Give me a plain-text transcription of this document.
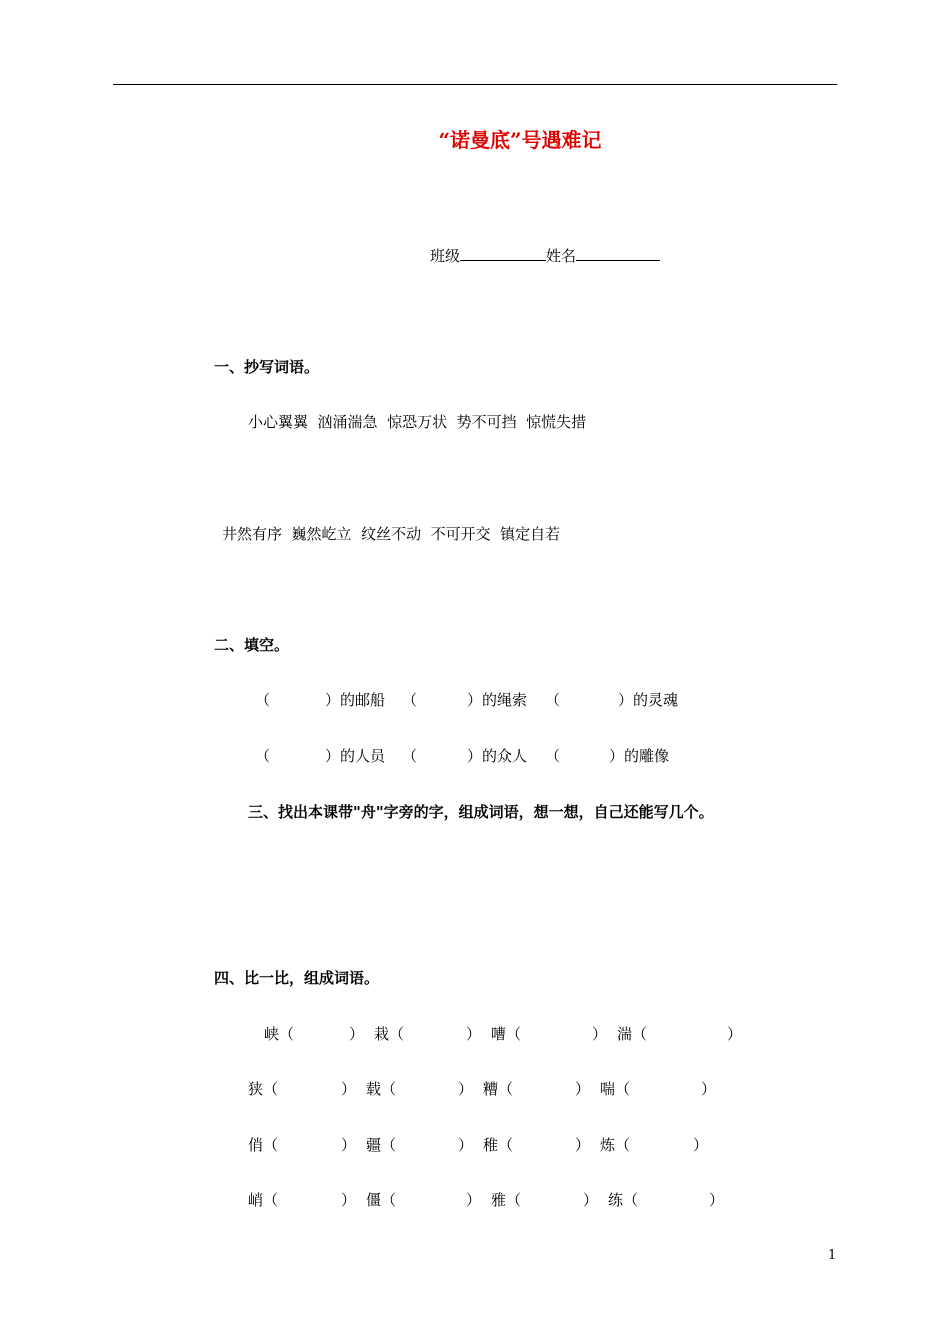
“诺曼底”号遇难记
班级	姓名
一、抄写词语。
小心翼翼  汹涌湍急  惊恐万状  势不可挡  惊慌失措
井然有序  巍然屹立  纹丝不动  不可开交  镇定自若
二、填空。
（	）的邮船 （	）的绳索 （	）的灵魂
（	）的人员 （	）的众人 （	）的雕像
三、找出本课带"舟"字旁的字，组成词语，想一想，自己还能写几个。
四、比一比，组成词语。
峡（	） 栽（	） 嘈（	） 湍（	）
狭（	） 载（	） 糟（	） 喘（	）
俏（	） 疆（	） 稚（	） 炼（	）
峭（	） 僵（	） 雅（	） 练（	）
1
